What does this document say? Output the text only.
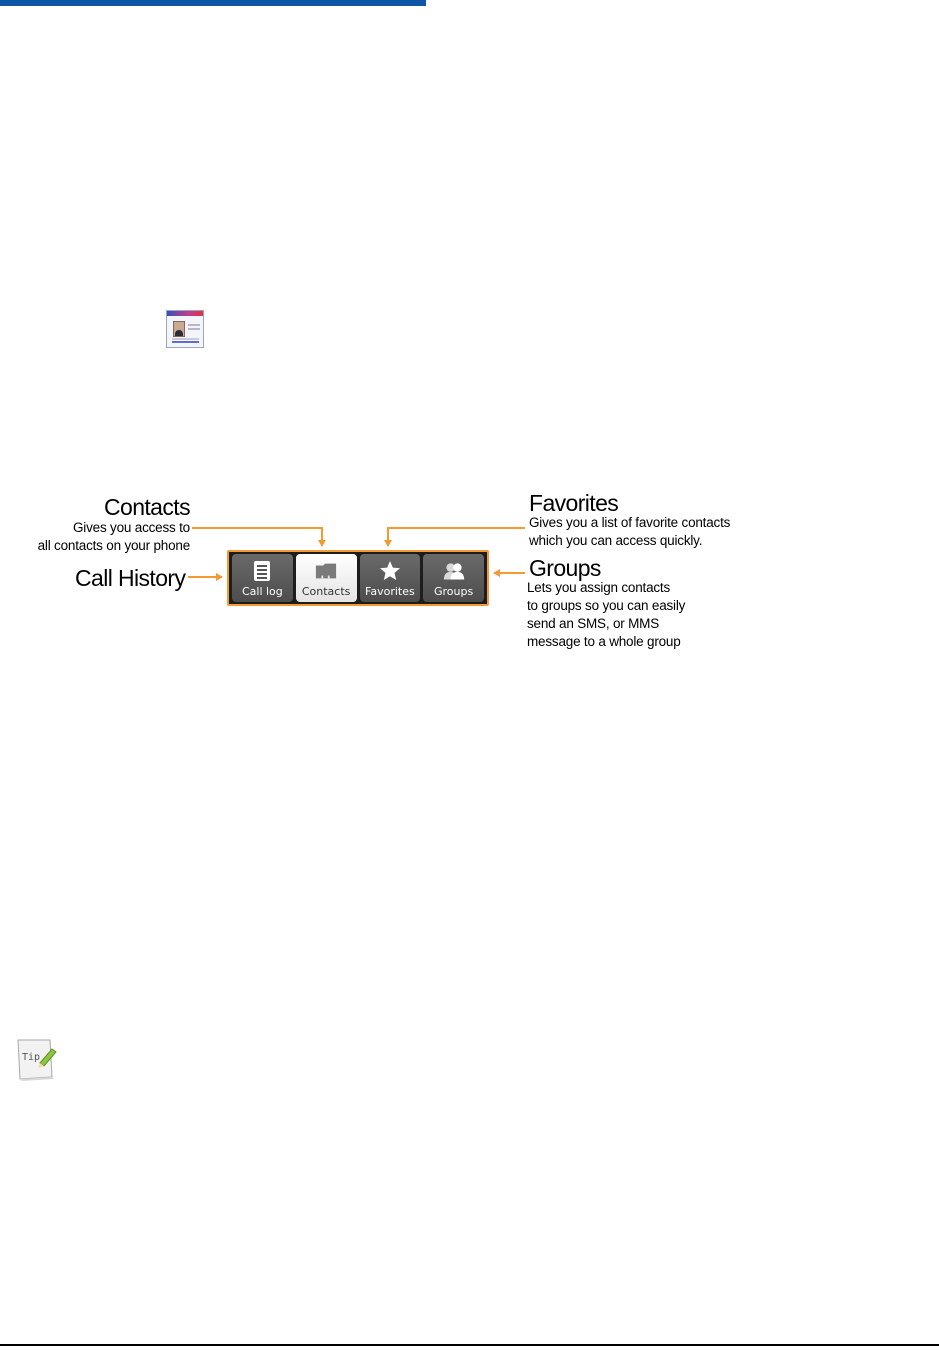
Contacts
Gives you access to
all contacts on your phone
Call History
Favorites
Gives you a list of favorite contacts
which you can access quickly.
Groups
Lets you assign contacts
to groups so you can easily
send an SMS, or MMS
message to a whole group
Call log Contacts Favorites Groups
Tip
